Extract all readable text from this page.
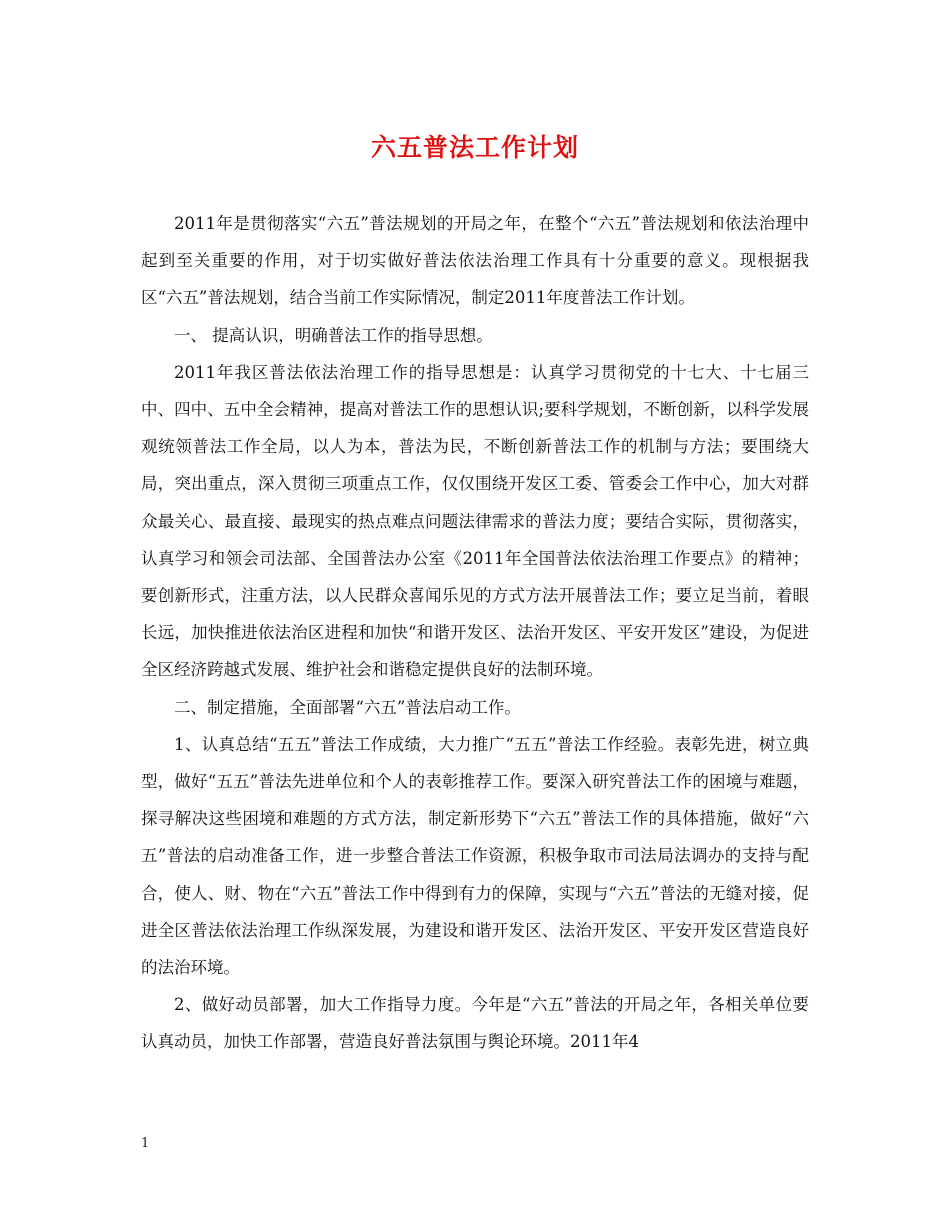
六五普法工作计划

2011年是贯彻落实“六五”普法规划的开局之年，在整个“六五”普法规划和依法治理中起到至关重要的作用，对于切实做好普法依法治理工作具有十分重要的意义。现根据我区“六五”普法规划，结合当前工作实际情况，制定2011年度普法工作计划。

一、 提高认识，明确普法工作的指导思想。

2011年我区普法依法治理工作的指导思想是：认真学习贯彻党的十七大、十七届三中、四中、五中全会精神，提高对普法工作的思想认识;要科学规划，不断创新，以科学发展观统领普法工作全局，以人为本，普法为民，不断创新普法工作的机制与方法；要围绕大局，突出重点，深入贯彻三项重点工作，仅仅围绕开发区工委、管委会工作中心，加大对群众最关心、最直接、最现实的热点难点问题法律需求的普法力度；要结合实际，贯彻落实，认真学习和领会司法部、全国普法办公室《2011年全国普法依法治理工作要点》的精神；要创新形式，注重方法，以人民群众喜闻乐见的方式方法开展普法工作；要立足当前，着眼长远，加快推进依法治区进程和加快“和谐开发区、法治开发区、平安开发区”建设，为促进全区经济跨越式发展、维护社会和谐稳定提供良好的法制环境。

二、制定措施，全面部署“六五”普法启动工作。

1、认真总结“五五”普法工作成绩，大力推广“五五”普法工作经验。表彰先进，树立典型，做好“五五”普法先进单位和个人的表彰推荐工作。要深入研究普法工作的困境与难题，探寻解决这些困境和难题的方式方法，制定新形势下“六五”普法工作的具体措施，做好“六五”普法的启动准备工作，进一步整合普法工作资源，积极争取市司法局法调办的支持与配合，使人、财、物在“六五”普法工作中得到有力的保障，实现与“六五”普法的无缝对接，促进全区普法依法治理工作纵深发展，为建设和谐开发区、法治开发区、平安开发区营造良好的法治环境。

2、做好动员部署，加大工作指导力度。今年是“六五”普法的开局之年，各相关单位要认真动员，加快工作部署，营造良好普法氛围与舆论环境。2011年4

1
